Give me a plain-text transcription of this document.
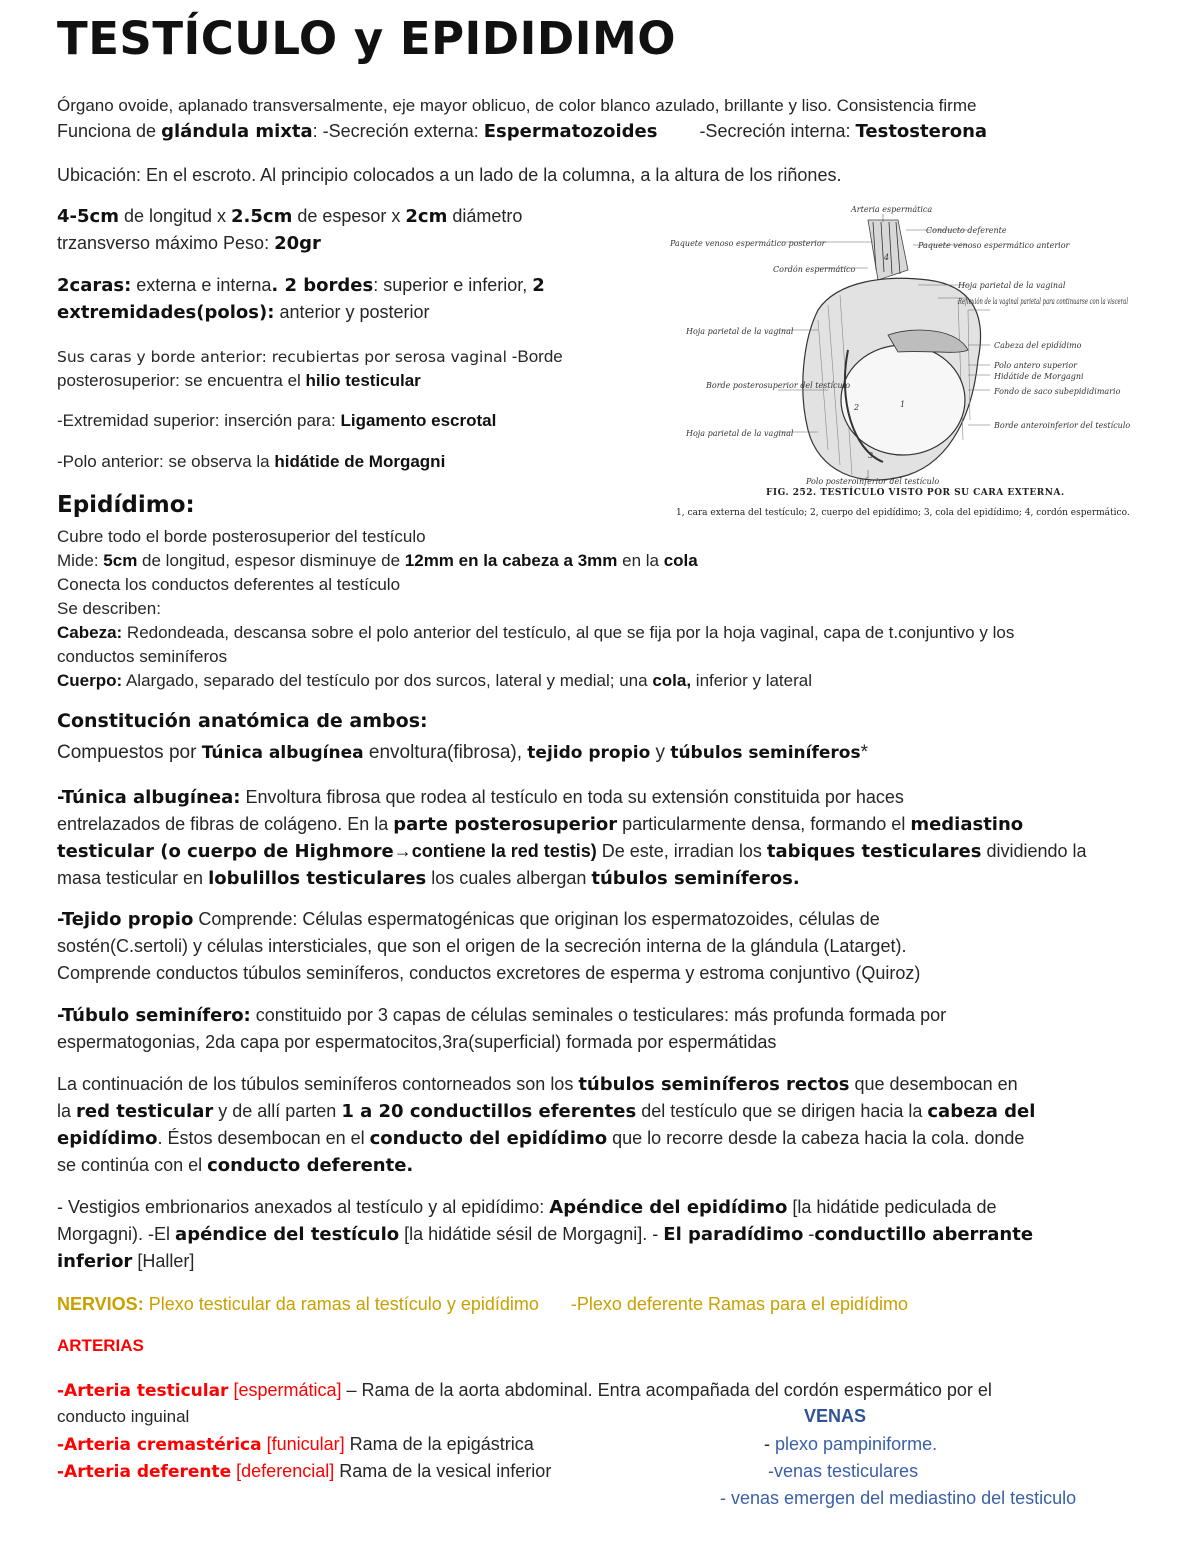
TESTÍCULO y EPIDIDIMO
Órgano ovoide, aplanado transversalmente, eje mayor oblicuo, de color blanco azulado, brillante y liso. Consistencia firme
Funciona de glándula mixta: -Secreción externa: Espermatozoides -Secreción interna: Testosterona
Ubicación: En el escroto. Al principio colocados a un lado de la columna, a la altura de los riñones.
4-5cm de longitud x 2.5cm de espesor x 2cm diámetro
trzansverso máximo Peso: 20gr
2caras: externa e interna. 2 bordes: superior e inferior, 2
extremidades(polos): anterior y posterior
Sus caras y borde anterior: recubiertas por serosa vaginal -Borde
posterosuperior: se encuentra el hilio testicular
-Extremidad superior: inserción para: Ligamento escrotal
-Polo anterior: se observa la hidátide de Morgagni
Arteria espermática
Conducto deferente
Paquete venoso espermático posterior	Paquete venoso espermático anterior
Cordón espermático
Hoja parietal de la vaginal
Reflexión de la vaginal parietal para continuarse con la visceral
Hoja parietal de la vaginal
Cabeza del epidídimo
Polo antero superior
Hidátide de Morgagni
Fondo de saco subepididimario
Borde posterosuperior del testículo
Borde anteroinferior del testículo
Hoja parietal de la vaginal
Polo posteroinferior del testículo
1
2
3
4
FIG. 252. TESTÍCULO VISTO POR SU CARA EXTERNA.
1, cara externa del testículo; 2, cuerpo del epidídimo; 3, cola del epidídimo; 4, cordón espermático.
Epidídimo:
Cubre todo el borde posterosuperior del testículo
Mide: 5cm de longitud, espesor disminuye de 12mm en la cabeza a 3mm en la cola
Conecta los conductos deferentes al testículo
Se describen:
Cabeza: Redondeada, descansa sobre el polo anterior del testículo, al que se fija por la hoja vaginal, capa de t.conjuntivo y los
conductos seminíferos
Cuerpo: Alargado, separado del testículo por dos surcos, lateral y medial; una cola, inferior y lateral
Constitución anatómica de ambos:
Compuestos por Túnica albugínea envoltura(fibrosa), tejido propio y túbulos seminíferos*
-Túnica albugínea: Envoltura fibrosa que rodea al testículo en toda su extensión constituida por haces
entrelazados de fibras de colágeno. En la parte posterosuperior particularmente densa, formando el mediastino
testicular (o cuerpo de Highmore→contiene la red testis) De este, irradian los tabiques testiculares dividiendo la
masa testicular en lobulillos testiculares los cuales albergan túbulos seminíferos.
-Tejido propio Comprende: Células espermatogénicas que originan los espermatozoides, células de
sostén(C.sertoli) y células intersticiales, que son el origen de la secreción interna de la glándula (Latarget).
Comprende conductos túbulos seminíferos, conductos excretores de esperma y estroma conjuntivo (Quiroz)
-Túbulo seminífero: constituido por 3 capas de células seminales o testiculares: más profunda formada por
espermatogonias, 2da capa por espermatocitos,3ra(superficial) formada por espermátidas
La continuación de los túbulos seminíferos contorneados son los túbulos seminíferos rectos que desembocan en
la red testicular y de allí parten 1 a 20 conductillos eferentes del testículo que se dirigen hacia la cabeza del
epidídimo. Éstos desembocan en el conducto del epidídimo que lo recorre desde la cabeza hacia la cola. donde
se continúa con el conducto deferente.
- Vestigios embrionarios anexados al testículo y al epidídimo: Apéndice del epidídimo [la hidátide pediculada de
Morgagni). -El apéndice del testículo [la hidátide sésil de Morgagni]. - El paradídimo -conductillo aberrante
inferior [Haller]
NERVIOS: Plexo testicular da ramas al testículo y epidídimo -Plexo deferente Ramas para el epidídimo
ARTERIAS
-Arteria testicular [espermática] – Rama de la aorta abdominal. Entra acompañada del cordón espermático por el
conducto inguinal
-Arteria cremastérica [funicular] Rama de la epigástrica
-Arteria deferente [deferencial] Rama de la vesical inferior
VENAS
- plexo pampiniforme.
-venas testiculares
- venas emergen del mediastino del testiculo
